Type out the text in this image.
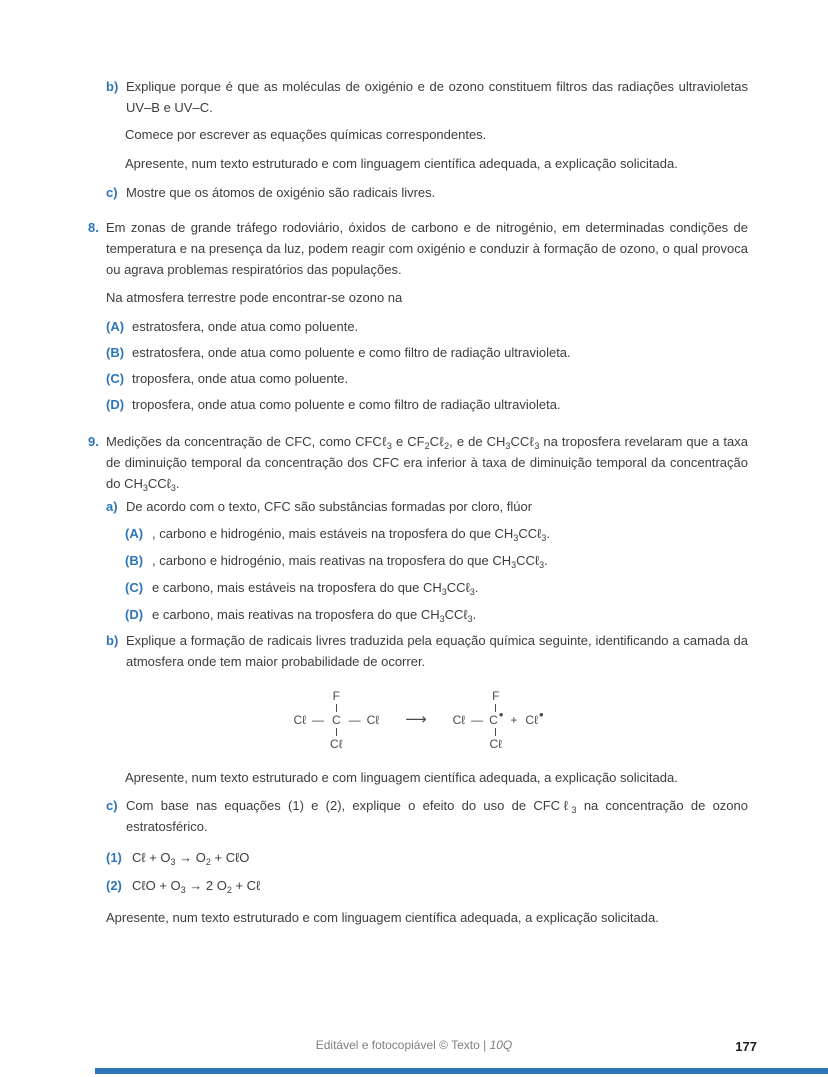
b) Explique porque é que as moléculas de oxigénio e de ozono constituem filtros das radiações ultravioletas UV–B e UV–C.
Comece por escrever as equações químicas correspondentes.
Apresente, num texto estruturado e com linguagem científica adequada, a explicação solicitada.
c) Mostre que os átomos de oxigénio são radicais livres.
8. Em zonas de grande tráfego rodoviário, óxidos de carbono e de nitrogénio, em determinadas condições de temperatura e na presença da luz, podem reagir com oxigénio e conduzir à formação de ozono, o qual provoca ou agrava problemas respiratórios das populações.
Na atmosfera terrestre pode encontrar-se ozono na
(A) estratosfera, onde atua como poluente.
(B) estratosfera, onde atua como poluente e como filtro de radiação ultravioleta.
(C) troposfera, onde atua como poluente.
(D) troposfera, onde atua como poluente e como filtro de radiação ultravioleta.
9. Medições da concentração de CFC, como CFCℓ$_3$ e $CF_2C\ell_2$, e de $CH_3CC\ell_3$ na troposfera revelaram que a taxa de diminuição temporal da concentração dos CFC era inferior à taxa de diminuição temporal da concentração do $CH_3CC\ell_3$.
a) De acordo com o texto, CFC são substâncias formadas por cloro, flúor
(A) , carbono e hidrogénio, mais estáveis na troposfera do que $CH_3CC\ell_3$.
(B) , carbono e hidrogénio, mais reativas na troposfera do que $CH_3CC\ell_3$.
(C) e carbono, mais estáveis na troposfera do que $CH_3CC\ell_3$.
(D) e carbono, mais reativas na troposfera do que $CH_3CC\ell_3$.
b) Explique a formação de radicais livres traduzida pela equação química seguinte, identificando a camada da atmosfera onde tem maior probabilidade de ocorrer.
Cℓ —
F
C
Cℓ
— Cℓ ⟶ Cℓ —
F
C•
Cℓ
+ Cℓ•
Apresente, num texto estruturado e com linguagem científica adequada, a explicação solicitada.
c) Com base nas equações (1) e (2), explique o efeito do uso de CFCℓ$_3$ na concentração de ozono estratosférico.
(1) Cℓ + $O_3 \to O_2$ + CℓO
(2) CℓO + $O_3 \to 2$ $O_2$ + Cℓ
Apresente, num texto estruturado e com linguagem científica adequada, a explicação solicitada.
Editável e fotocopiável © Texto | 10Q	177
